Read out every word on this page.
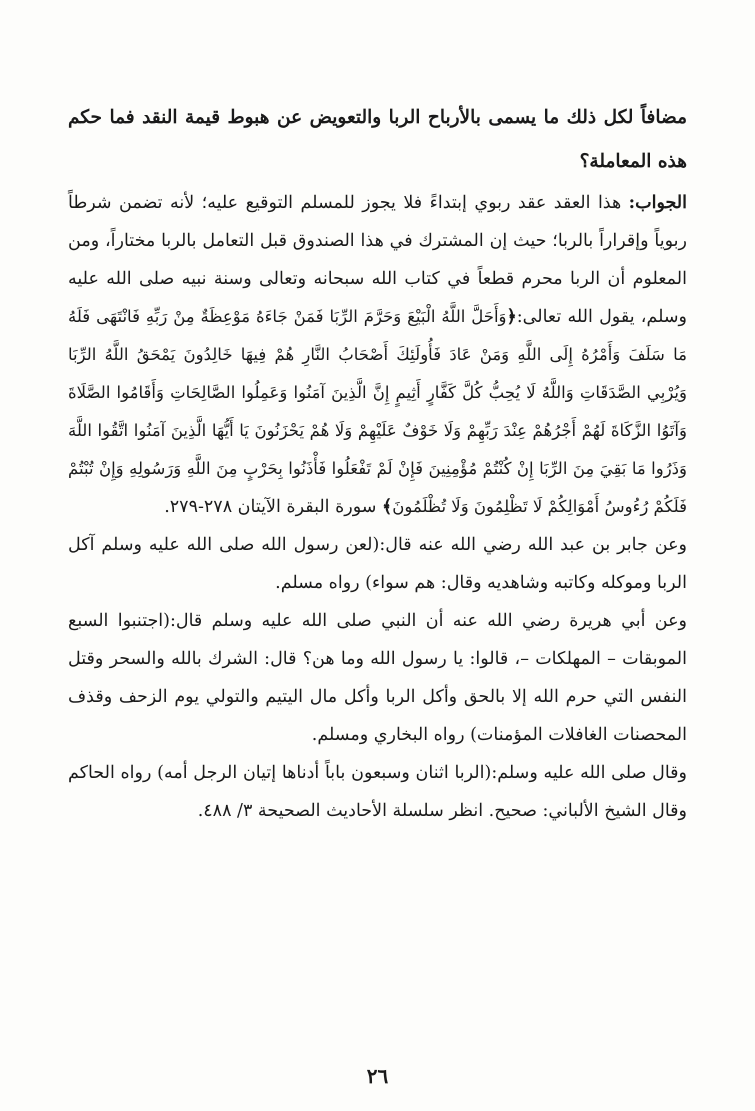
مضافاً لكل ذلك ما يسمى بالأرباح الربا والتعويض عن هبوط قيمة النقد فما حكم هذه المعاملة؟

الجواب: هذا العقد عقد ربوي إبتداءً فلا يجوز للمسلم التوقيع عليه؛ لأنه تضمن شرطاً ربوياً وإقراراً بالربا؛ حيث إن المشترك في هذا الصندوق قبل التعامل بالربا مختاراً، ومن المعلوم أن الربا محرم قطعاً في كتاب الله سبحانه وتعالى وسنة نبيه صلى الله عليه وسلم، يقول الله تعالى:﴿وَأَحَلَّ اللَّهُ الْبَيْعَ وَحَرَّمَ الرِّبَا فَمَنْ جَاءَهُ مَوْعِظَةٌ مِنْ رَبِّهِ فَانْتَهَى فَلَهُ مَا سَلَفَ وَأَمْرُهُ إِلَى اللَّهِ وَمَنْ عَادَ فَأُولَئِكَ أَصْحَابُ النَّارِ هُمْ فِيهَا خَالِدُونَ يَمْحَقُ اللَّهُ الرِّبَا وَيُرْبِي الصَّدَقَاتِ وَاللَّهُ لَا يُحِبُّ كُلَّ كَفَّارٍ أَثِيمٍ إِنَّ الَّذِينَ آمَنُوا وَعَمِلُوا الصَّالِحَاتِ وَأَقَامُوا الصَّلَاةَ وَآتَوُا الزَّكَاةَ لَهُمْ أَجْرُهُمْ عِنْدَ رَبِّهِمْ وَلَا خَوْفٌ عَلَيْهِمْ وَلَا هُمْ يَحْزَنُونَ يَا أَيُّهَا الَّذِينَ آمَنُوا اتَّقُوا اللَّهَ وَذَرُوا مَا بَقِيَ مِنَ الرِّبَا إِنْ كُنْتُمْ مُؤْمِنِينَ فَإِنْ لَمْ تَفْعَلُوا فَأْذَنُوا بِحَرْبٍ مِنَ اللَّهِ وَرَسُولِهِ وَإِنْ تُبْتُمْ فَلَكُمْ رُءُوسُ أَمْوَالِكُمْ لَا تَظْلِمُونَ وَلَا تُظْلَمُونَ﴾ سورة البقرة الآيتان ٢٧٨-٢٧٩.

وعن جابر بن عبد الله رضي الله عنه قال:(لعن رسول الله صلى الله عليه وسلم آكل الربا وموكله وكاتبه وشاهديه وقال: هم سواء) رواه مسلم.

وعن أبي هريرة رضي الله عنه أن النبي صلى الله عليه وسلم قال:(اجتنبوا السبع الموبقات – المهلكات –، قالوا: يا رسول الله وما هن؟ قال: الشرك بالله والسحر وقتل النفس التي حرم الله إلا بالحق وأكل الربا وأكل مال اليتيم والتولي يوم الزحف وقذف المحصنات الغافلات المؤمنات) رواه البخاري ومسلم.

وقال صلى الله عليه وسلم:(الربا اثنان وسبعون باباً أدناها إتيان الرجل أمه) رواه الحاكم وقال الشيخ الألباني: صحيح. انظر سلسلة الأحاديث الصحيحة ٣/ ٤٨٨.

٢٦
